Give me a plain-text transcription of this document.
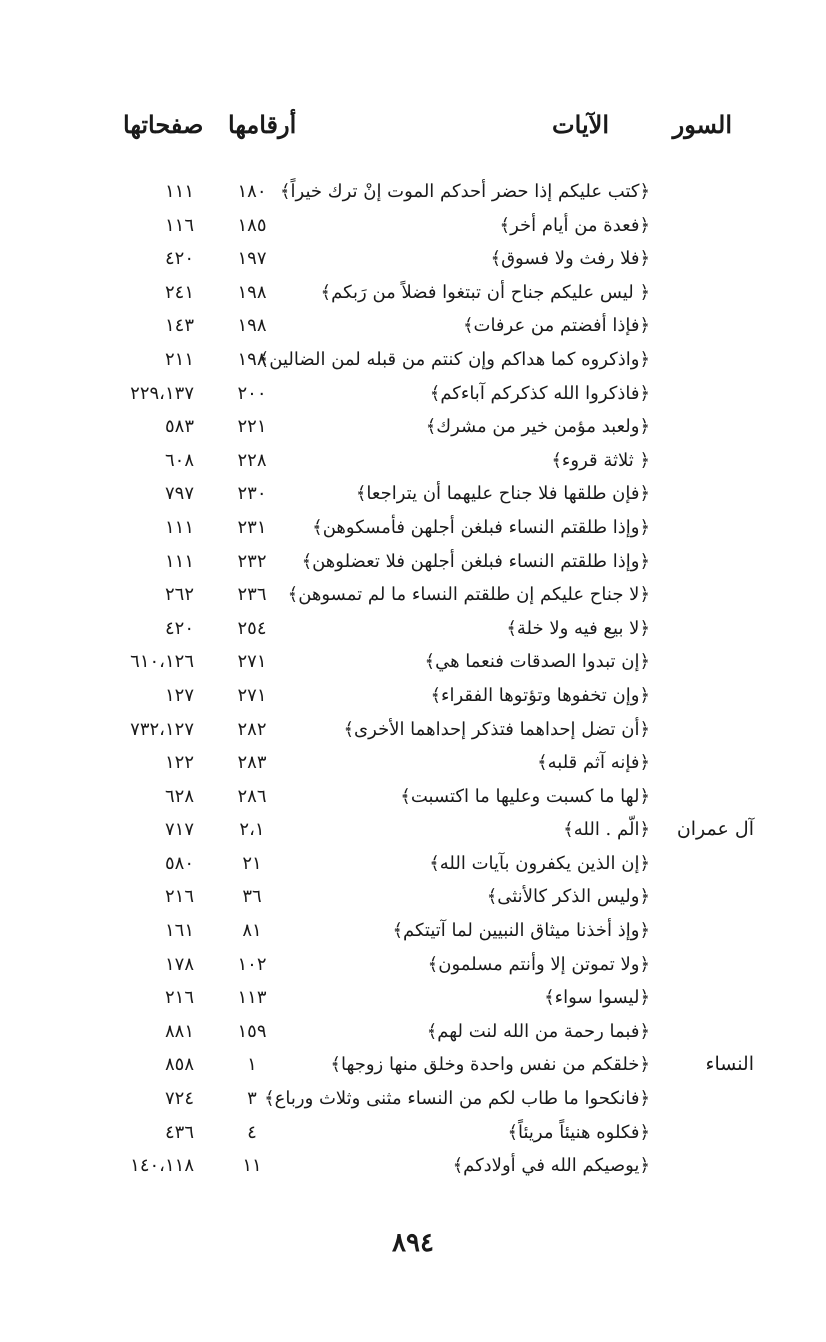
السور
الآيات
أرقامها
صفحاتها
﴿كتب عليكم إذا حضر أحدكم الموت إنْ ترك خيراً﴾
١٨٠
١١١
﴿فعدة من أيام أخر﴾
١٨٥
١١٦
﴿فلا رفث ولا فسوق﴾
١٩٧
٤٢٠
﴿ ليس عليكم جناح أن تبتغوا فضلاً من رَبكم﴾
١٩٨
٢٤١
﴿فإذا أفضتم من عرفات﴾
١٩٨
١٤٣
﴿واذكروه كما هداكم وإن كنتم من قبله لمن الضالين﴾
١٩٨
٢١١
﴿فاذكروا الله كذكركم آباءكم﴾
٢٠٠
٢٢٩،١٣٧
﴿ولعبد مؤمن خير من مشرك﴾
٢٢١
٥٨٣
﴿ ثلاثة قروء﴾
٢٢٨
٦٠٨
﴿فإن طلقها فلا جناح عليهما أن يتراجعا﴾
٢٣٠
٧٩٧
﴿وإذا طلقتم النساء فبلغن أجلهن فأمسكوهن﴾
٢٣١
١١١
﴿وإذا طلقتم النساء فبلغن أجلهن فلا تعضلوهن﴾
٢٣٢
١١١
﴿لا جناح عليكم إن طلقتم النساء ما لم تمسوهن﴾
٢٣٦
٢٦٢
﴿لا بيع فيه ولا خلة﴾
٢٥٤
٤٢٠
﴿إن تبدوا الصدقات فنعما هي﴾
٢٧١
٦١٠،١٢٦
﴿وإن تخفوها وتؤتوها الفقراء﴾
٢٧١
١٢٧
﴿أن تضل إحداهما فتذكر إحداهما الأخرى﴾
٢٨٢
٧٣٢،١٢٧
﴿فإنه آثم قلبه﴾
٢٨٣
١٢٢
﴿لها ما كسبت وعليها ما اكتسبت﴾
٢٨٦
٦٢٨
آل عمران
﴿الّم . الله﴾
٢،١
٧١٧
﴿إن الذين يكفرون بآيات الله﴾
٢١
٥٨٠
﴿وليس الذكر كالأنثى﴾
٣٦
٢١٦
﴿وإذ أخذنا ميثاق النبيين لما آتيتكم﴾
٨١
١٦١
﴿ولا تموتن إلا وأنتم مسلمون﴾
١٠٢
١٧٨
﴿ليسوا سواء﴾
١١٣
٢١٦
﴿فبما رحمة من الله لنت لهم﴾
١٥٩
٨٨١
النساء
﴿خلقكم من نفس واحدة وخلق منها زوجها﴾
١
٨٥٨
﴿فانكحوا ما طاب لكم من النساء مثنى وثلاث ورباع﴾
٣
٧٢٤
﴿فكلوه هنيئاً مريئاً﴾
٤
٤٣٦
﴿يوصيكم الله في أولادكم﴾
١١
١٤٠،١١٨
٨٩٤
